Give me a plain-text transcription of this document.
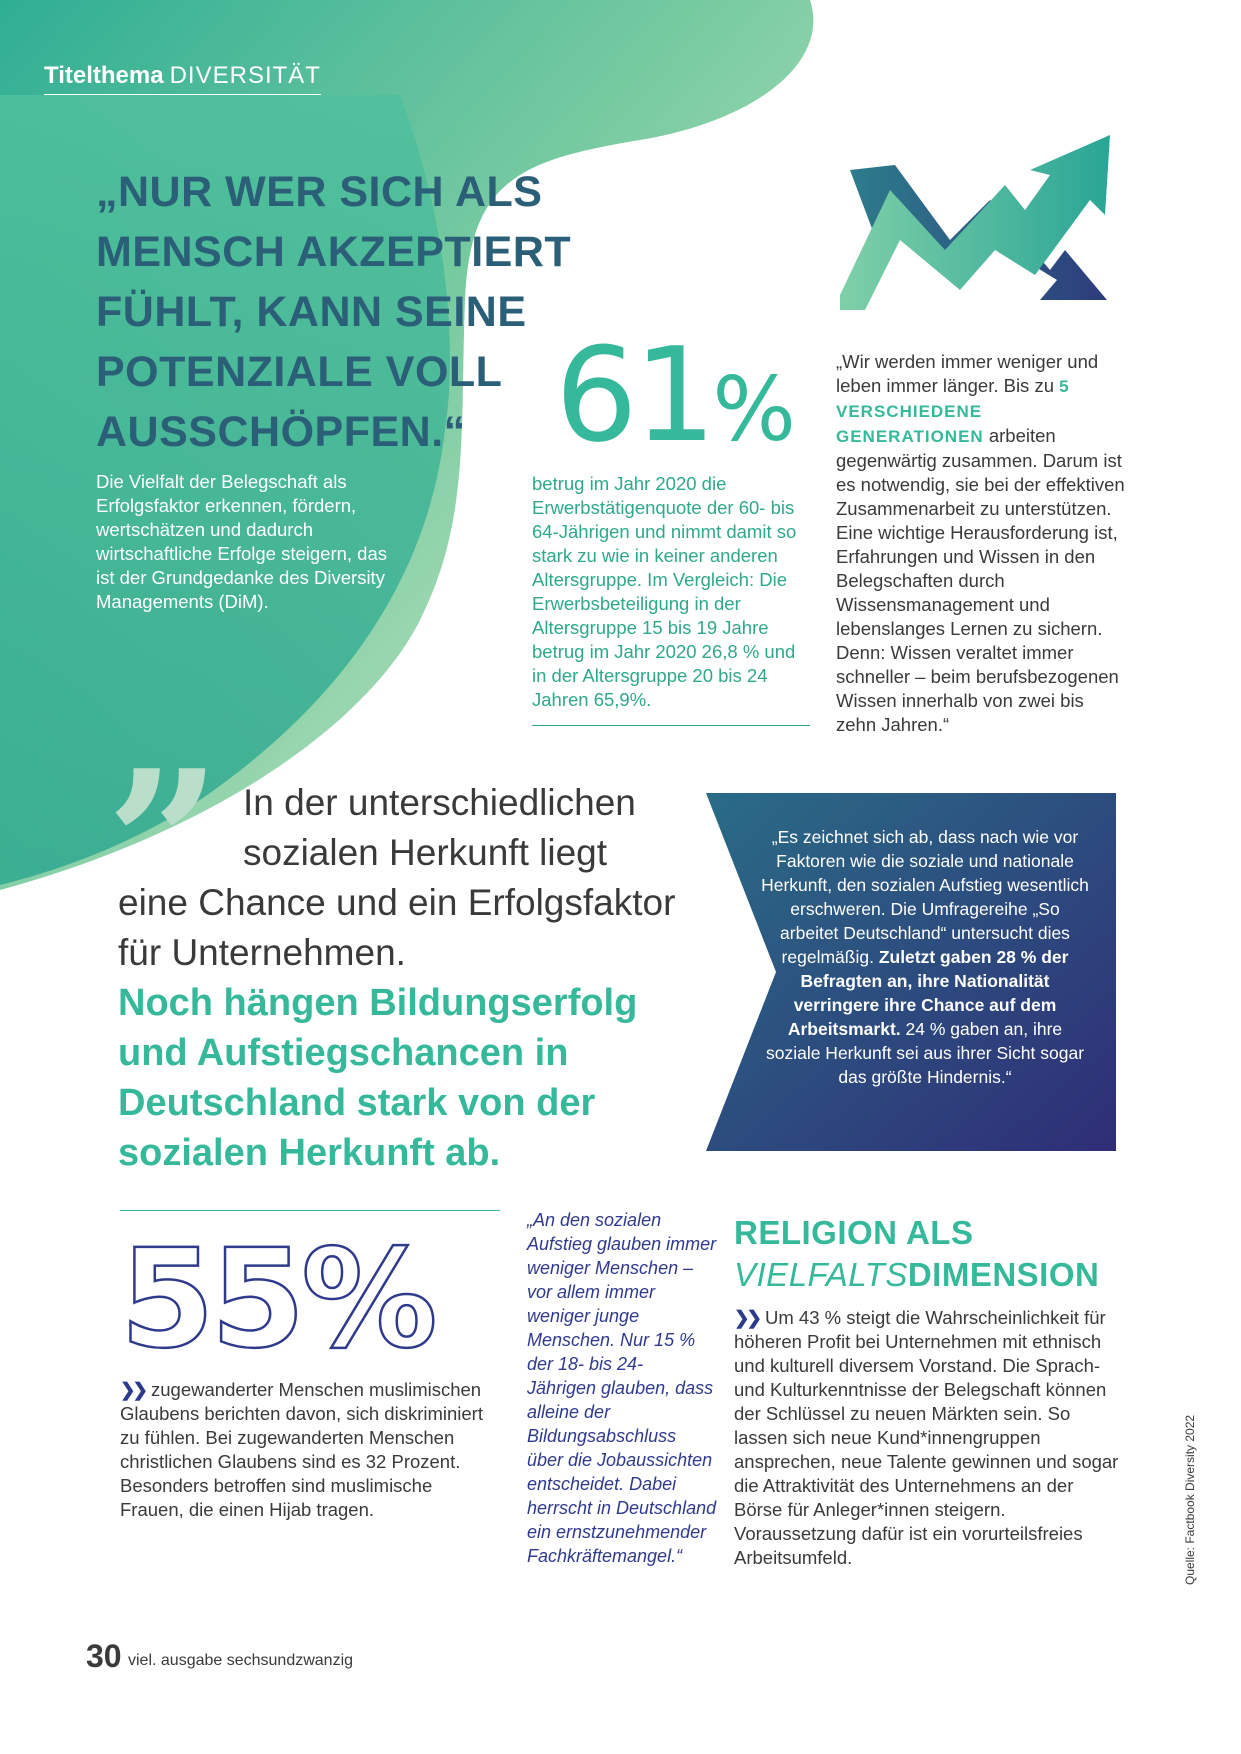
Titelthema DIVERSITÄT
„NUR WER SICH ALS MENSCH AKZEPTIERT FÜHLT, KANN SEINE POTENZIALE VOLL AUSSCHÖPFEN.“
Die Vielfalt der Belegschaft als Erfolgsfaktor erkennen, fördern, wertschätzen und dadurch wirtschaftliche Erfolge steigern, das ist der Grundgedanke des Diversity Managements (DiM).
61%
betrug im Jahr 2020 die Erwerbstätigenquote der 60- bis 64-Jährigen und nimmt damit so stark zu wie in keiner anderen Altersgruppe. Im Vergleich: Die Erwerbsbeteiligung in der Altersgruppe 15 bis 19 Jahre betrug im Jahr 2020 26,8 % und in der Altersgruppe 20 bis 24 Jahren 65,9%.
„Wir werden immer weniger und leben immer länger. Bis zu 5 VERSCHIEDENE GENERATIONEN arbeiten gegenwärtig zusammen. Darum ist es notwendig, sie bei der effektiven Zusammenarbeit zu unterstützen. Eine wichtige Herausforderung ist, Erfahrungen und Wissen in den Belegschaften durch Wissensmanagement und lebenslanges Lernen zu sichern. Denn: Wissen veraltet immer schneller – beim berufsbezogenen Wissen innerhalb von zwei bis zehn Jahren.“
”	In der unterschiedlichen
sozialen Herkunft liegt
eine Chance und ein Erfolgsfaktor für Unternehmen.
Noch hängen Bildungserfolg und Aufstiegschancen in Deutschland stark von der sozialen Herkunft ab.
„Es zeichnet sich ab, dass nach wie vor Faktoren wie die soziale und nationale Herkunft, den sozialen Aufstieg wesentlich erschweren. Die Umfragereihe „So arbeitet Deutschland“ untersucht dies regelmäßig. Zuletzt gaben 28 % der Befragten an, ihre Nationalität verringere ihre Chance auf dem Arbeitsmarkt. 24 % gaben an, ihre soziale Herkunft sei aus ihrer Sicht sogar das größte Hindernis.“
55%
❯❯ zugewanderter Menschen muslimischen Glaubens berichten davon, sich diskriminiert zu fühlen. Bei zugewanderten Menschen christlichen Glaubens sind es 32 Prozent. Besonders betroffen sind muslimische Frauen, die einen Hijab tragen.
„An den sozialen Aufstieg glauben immer weniger Menschen – vor allem immer weniger junge Menschen. Nur 15 % der 18- bis 24- Jährigen glauben, dass alleine der Bildungsabschluss über die Jobaussichten entscheidet. Dabei herrscht in Deutschland ein ernstzunehmender Fachkräftemangel.“
RELIGION ALS
VIELFALTSDIMENSION
❯❯ Um 43 % steigt die Wahrscheinlichkeit für höheren Profit bei Unternehmen mit ethnisch und kulturell diversem Vorstand. Die Sprach- und Kulturkenntnisse der Belegschaft können der Schlüssel zu neuen Märkten sein. So lassen sich neue Kund*innengruppen ansprechen, neue Talente gewinnen und sogar die Attraktivität des Unternehmens an der Börse für Anleger*innen steigern. Voraussetzung dafür ist ein vorurteilsfreies Arbeitsumfeld.	Quelle: Factbook Diversity 2022
30 viel. ausgabe sechsundzwanzig
